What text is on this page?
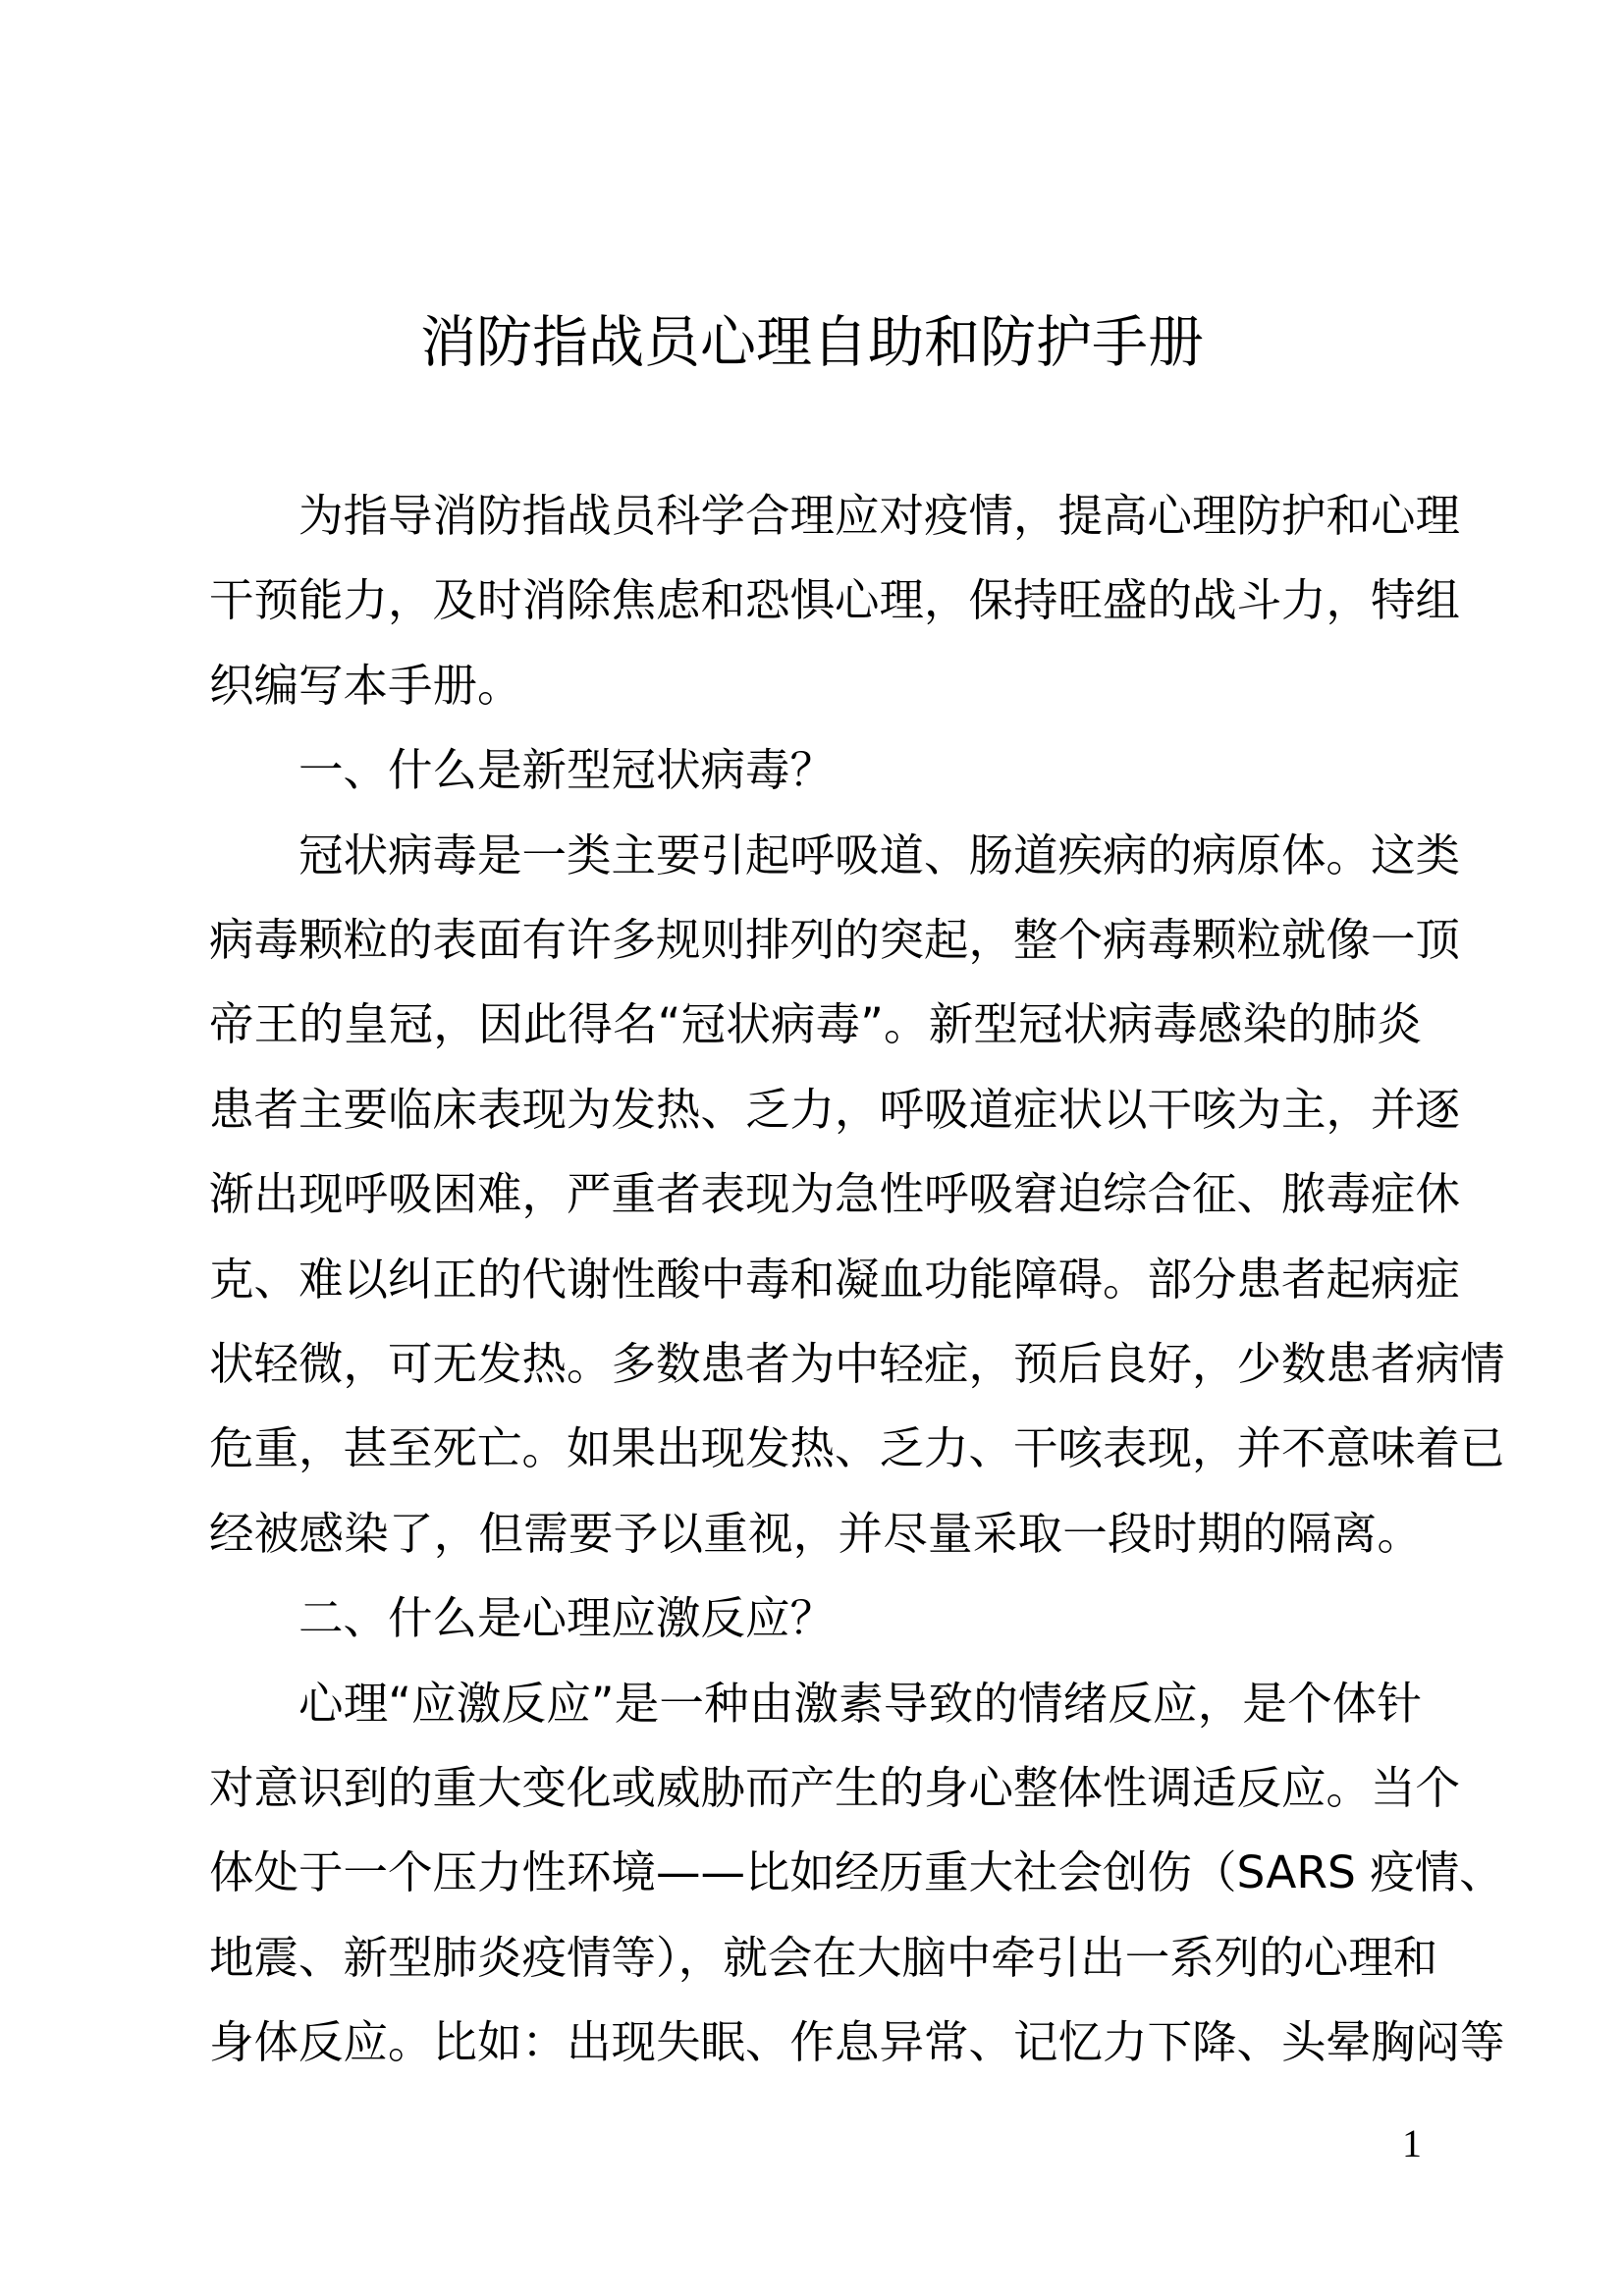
消防指战员心理自助和防护手册
为指导消防指战员科学合理应对疫情，提高心理防护和心理
干预能力，及时消除焦虑和恐惧心理，保持旺盛的战斗力，特组
织编写本手册。
一、什么是新型冠状病毒？
冠状病毒是一类主要引起呼吸道、肠道疾病的病原体。这类
病毒颗粒的表面有许多规则排列的突起，整个病毒颗粒就像一顶
帝王的皇冠，因此得名“冠状病毒”。新型冠状病毒感染的肺炎
患者主要临床表现为发热、乏力，呼吸道症状以干咳为主，并逐
渐出现呼吸困难，严重者表现为急性呼吸窘迫综合征、脓毒症休
克、难以纠正的代谢性酸中毒和凝血功能障碍。部分患者起病症
状轻微，可无发热。多数患者为中轻症，预后良好，少数患者病情
危重，甚至死亡。如果出现发热、乏力、干咳表现，并不意味着已
经被感染了，但需要予以重视，并尽量采取一段时期的隔离。
二、什么是心理应激反应？
心理“应激反应”是一种由激素导致的情绪反应，是个体针
对意识到的重大变化或威胁而产生的身心整体性调适反应。当个
体处于一个压力性环境——比如经历重大社会创伤（SARS 疫情、
地震、新型肺炎疫情等），就会在大脑中牵引出一系列的心理和
身体反应。比如：出现失眠、作息异常、记忆力下降、头晕胸闷等
1
